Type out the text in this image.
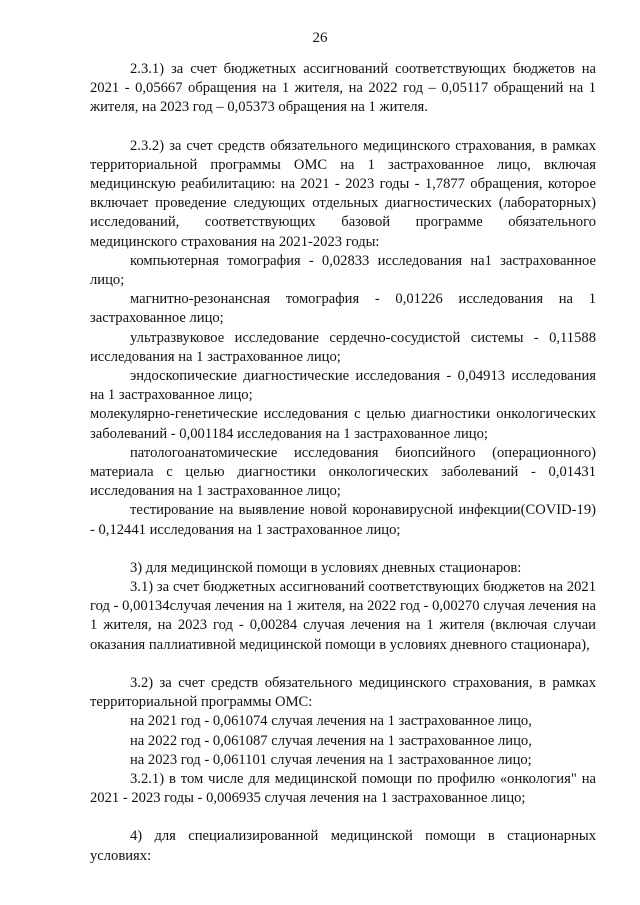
26

2.3.1) за счет бюджетных ассигнований соответствующих бюджетов на 2021 - 0,05667 обращения на 1 жителя, на 2022 год – 0,05117 обращений на 1 жителя, на 2023 год – 0,05373 обращения на 1 жителя.

2.3.2) за счет средств обязательного медицинского страхования, в рамках территориальной программы ОМС на 1 застрахованное лицо, включая медицинскую реабилитацию: на 2021 - 2023 годы - 1,7877 обращения, которое включает проведение следующих отдельных диагностических (лабораторных) исследований, соответствующих базовой программе обязательного медицинского страхования на 2021-2023 годы:

компьютерная томография - 0,02833 исследования на1 застрахованное лицо;

магнитно-резонансная томография - 0,01226 исследования на 1 застрахованное лицо;

ультразвуковое исследование сердечно-сосудистой системы - 0,11588 исследования на 1 застрахованное лицо;

эндоскопические диагностические исследования - 0,04913 исследования на 1 застрахованное лицо;

молекулярно-генетические исследования с целью диагностики онкологических заболеваний - 0,001184 исследования на 1 застрахованное лицо;

патологоанатомические исследования биопсийного (операционного) материала с целью диагностики онкологических заболеваний - 0,01431 исследования на 1 застрахованное лицо;

тестирование на выявление новой коронавирусной инфекции(COVID-19) - 0,12441 исследования на 1 застрахованное лицо;

3) для медицинской помощи в условиях дневных стационаров:

3.1) за счет бюджетных ассигнований соответствующих бюджетов на 2021 год - 0,00134случая лечения на 1 жителя, на 2022 год - 0,00270 случая лечения на 1 жителя, на 2023 год - 0,00284 случая лечения на 1 жителя (включая случаи оказания паллиативной медицинской помощи в условиях дневного стационара),

3.2) за счет средств обязательного медицинского страхования, в рамках территориальной программы ОМС:

на 2021 год - 0,061074 случая лечения на 1 застрахованное лицо,

на 2022 год - 0,061087 случая лечения на 1 застрахованное лицо,

на 2023 год - 0,061101 случая лечения на 1 застрахованное лицо;

3.2.1) в том числе для медицинской помощи по профилю «онкология" на 2021 - 2023 годы - 0,006935 случая лечения на 1 застрахованное лицо;

4) для специализированной медицинской помощи в стационарных условиях:
